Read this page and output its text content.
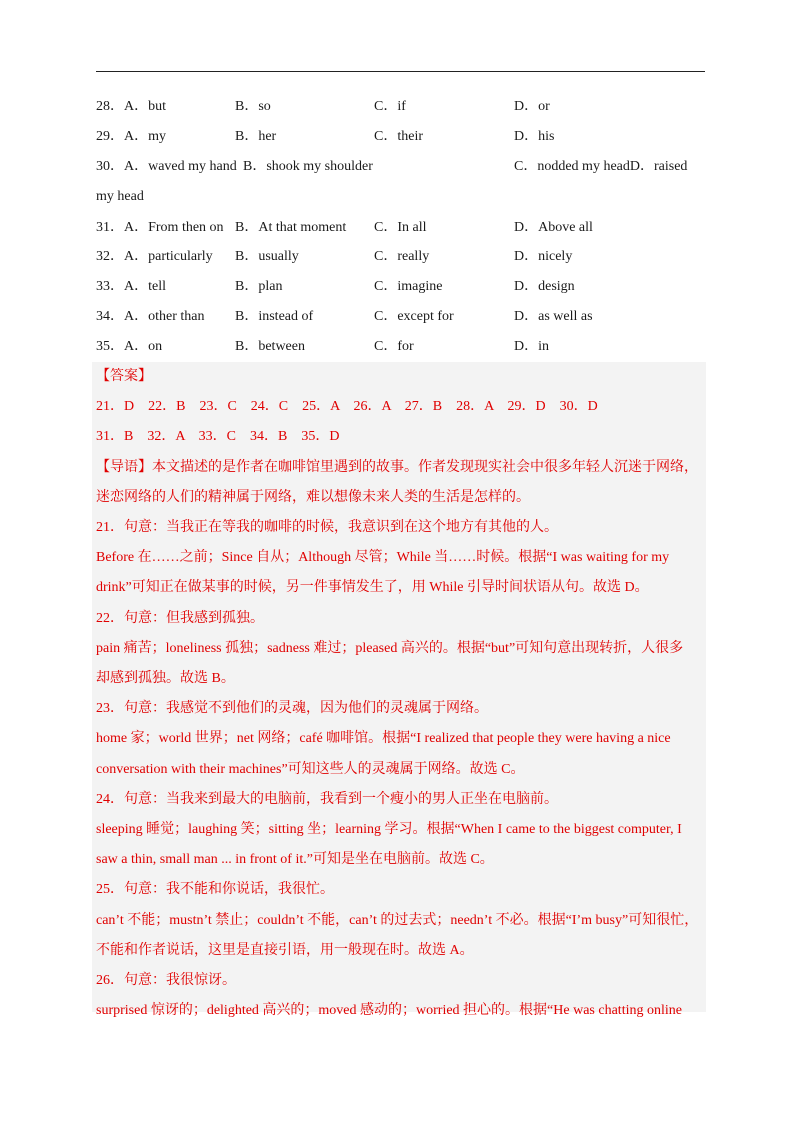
28．A．but	B．so	C．if	D．or
29．A．my	B．her	C．their	D．his
30．A．waved my hand B．shook my shoulder	C．nodded my headD．raised
my head
31．A．From then on B．At that moment C．In all	D．Above all
32．A．particularly B．usually	C．really	D．nicely
33．A．tell	B．plan	C．imagine	D．design
34．A．other than B．instead of	C．except for	D．as well as
35．A．on	B．between	C．for	D．in

【答案】

21．D　22．B　23．C　24．C　25．A　26．A　27．B　28．A　29．D　30．D

31．B　32．A　33．C　34．B　35．D

【导语】本文描述的是作者在咖啡馆里遇到的故事。作者发现现实社会中很多年轻人沉迷于网络，

迷恋网络的人们的精神属于网络，难以想像未来人类的生活是怎样的。

21．句意：当我正在等我的咖啡的时候，我意识到在这个地方有其他的人。

Before 在……之前；Since 自从；Although 尽管；While 当……时候。根据“I was waiting for my

drink”可知正在做某事的时候，另一件事情发生了，用 While 引导时间状语从句。故选 D。

22．句意：但我感到孤独。

pain 痛苦；loneliness 孤独；sadness 难过；pleased 高兴的。根据“but”可知句意出现转折，人很多

却感到孤独。故选 B。

23．句意：我感觉不到他们的灵魂，因为他们的灵魂属于网络。

home 家；world 世界；net 网络；café 咖啡馆。根据“I realized that people they were having a nice

conversation with their machines”可知这些人的灵魂属于网络。故选 C。

24．句意：当我来到最大的电脑前，我看到一个瘦小的男人正坐在电脑前。

sleeping 睡觉；laughing 笑；sitting 坐；learning 学习。根据“When I came to the biggest computer, I

saw a thin, small man ... in front of it.”可知是坐在电脑前。故选 C。

25．句意：我不能和你说话，我很忙。

can’t 不能；mustn’t 禁止；couldn’t 不能，can’t 的过去式；needn’t 不必。根据“I’m busy”可知很忙，

不能和作者说话，这里是直接引语，用一般现在时。故选 A。

26．句意：我很惊讶。

surprised 惊讶的；delighted 高兴的；moved 感动的；worried 担心的。根据“He was chatting online
